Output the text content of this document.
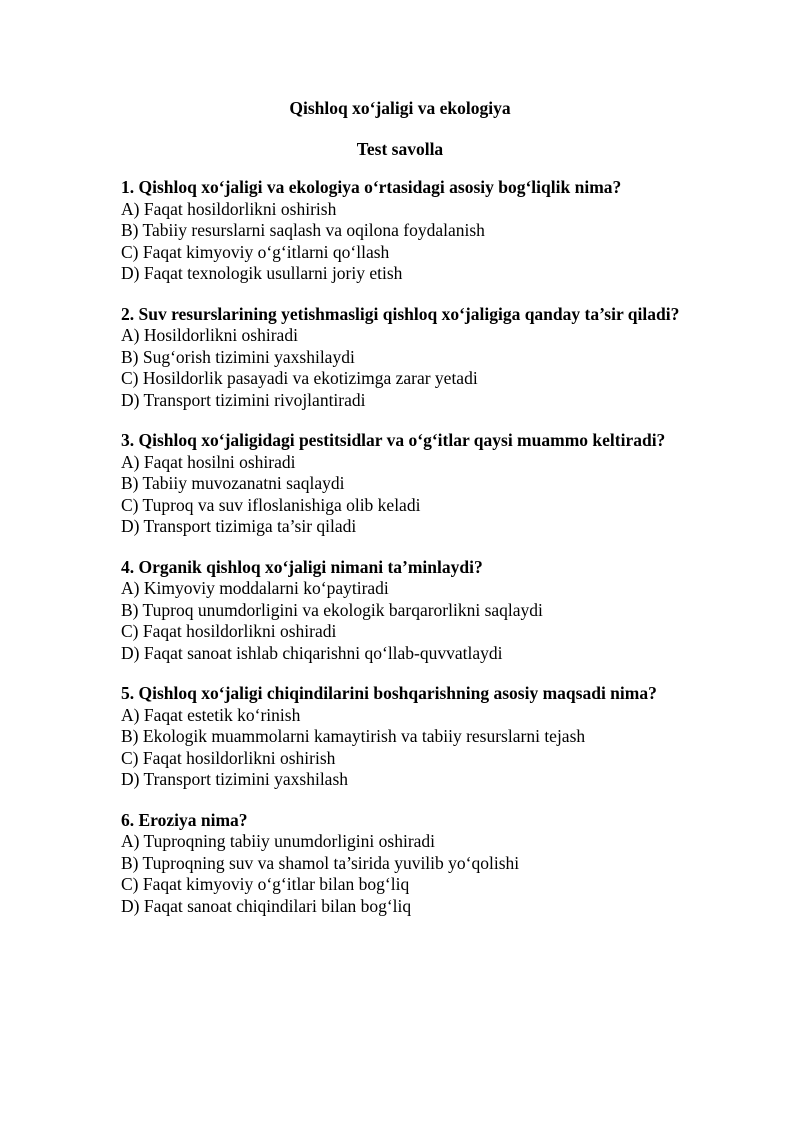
Qishloq xo‘jaligi va ekologiya
Test savolla
1. Qishloq xo‘jaligi va ekologiya o‘rtasidagi asosiy bog‘liqlik nima?
A) Faqat hosildorlikni oshirish
B) Tabiiy resurslarni saqlash va oqilona foydalanish
C) Faqat kimyoviy o‘g‘itlarni qo‘llash
D) Faqat texnologik usullarni joriy etish
2. Suv resurslarining yetishmasligi qishloq xo‘jaligiga qanday ta’sir qiladi?
A) Hosildorlikni oshiradi
B) Sug‘orish tizimini yaxshilaydi
C) Hosildorlik pasayadi va ekotizimga zarar yetadi
D) Transport tizimini rivojlantiradi
3. Qishloq xo‘jaligidagi pestitsidlar va o‘g‘itlar qaysi muammo keltiradi?
A) Faqat hosilni oshiradi
B) Tabiiy muvozanatni saqlaydi
C) Tuproq va suv ifloslanishiga olib keladi
D) Transport tizimiga ta’sir qiladi
4. Organik qishloq xo‘jaligi nimani ta’minlaydi?
A) Kimyoviy moddalarni ko‘paytiradi
B) Tuproq unumdorligini va ekologik barqarorlikni saqlaydi
C) Faqat hosildorlikni oshiradi
D) Faqat sanoat ishlab chiqarishni qo‘llab-quvvatlaydi
5. Qishloq xo‘jaligi chiqindilarini boshqarishning asosiy maqsadi nima?
A) Faqat estetik ko‘rinish
B) Ekologik muammolarni kamaytirish va tabiiy resurslarni tejash
C) Faqat hosildorlikni oshirish
D) Transport tizimini yaxshilash
6. Eroziya nima?
A) Tuproqning tabiiy unumdorligini oshiradi
B) Tuproqning suv va shamol ta’sirida yuvilib yo‘qolishi
C) Faqat kimyoviy o‘g‘itlar bilan bog‘liq
D) Faqat sanoat chiqindilari bilan bog‘liq
